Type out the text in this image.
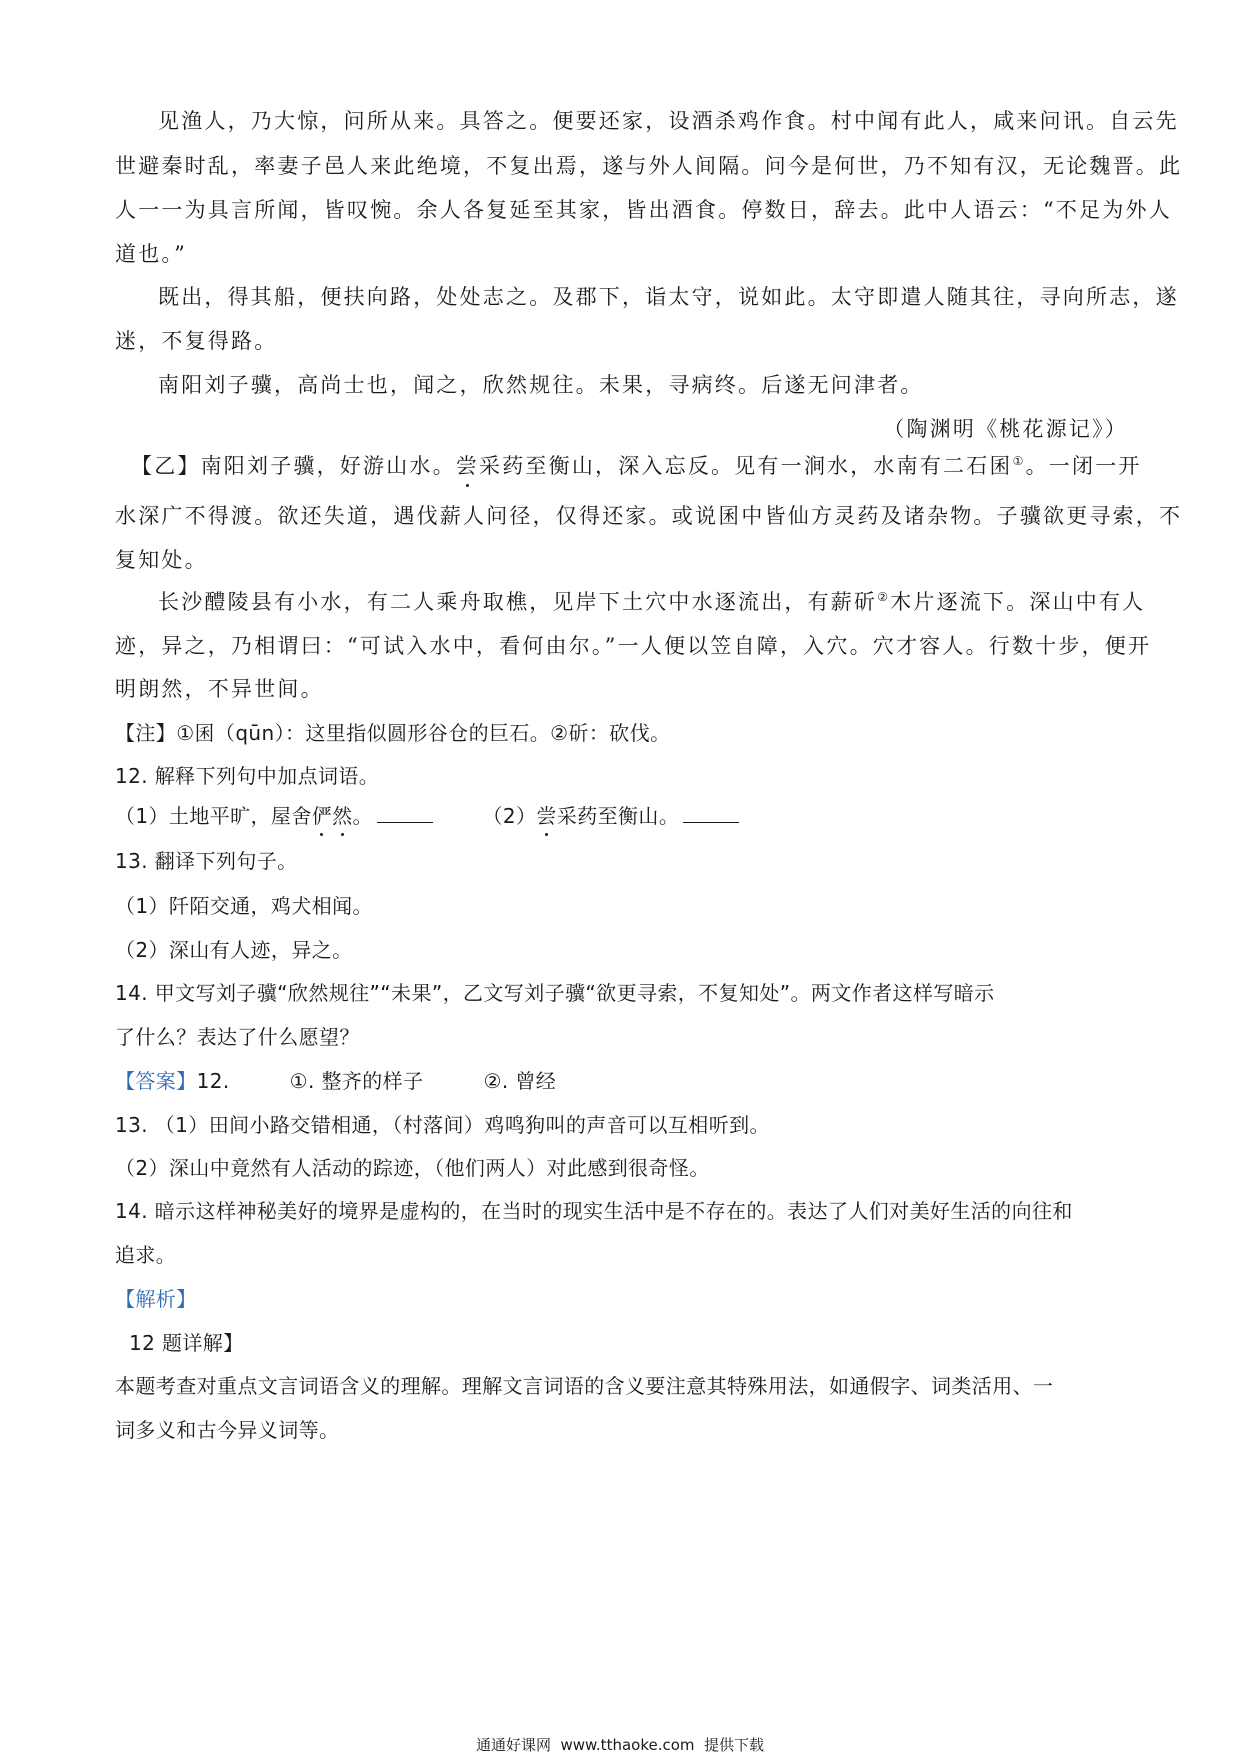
见渔人，乃大惊，问所从来。具答之。便要还家，设酒杀鸡作食。村中闻有此人，咸来问讯。自云先
世避秦时乱，率妻子邑人来此绝境，不复出焉，遂与外人间隔。问今是何世，乃不知有汉，无论魏晋。此
人一一为具言所闻，皆叹惋。余人各复延至其家，皆出酒食。停数日，辞去。此中人语云：“不足为外人
道也。”
既出，得其船，便扶向路，处处志之。及郡下，诣太守，说如此。太守即遣人随其往，寻向所志，遂
迷，不复得路。
南阳刘子骥，高尚士也，闻之，欣然规往。未果，寻病终。后遂无问津者。
（陶渊明《桃花源记》）
【乙】南阳刘子骥，好游山水。尝采药至衡山，深入忘反。见有一涧水，水南有二石囷①。一闭一开
水深广不得渡。欲还失道，遇伐薪人问径，仅得还家。或说囷中皆仙方灵药及诸杂物。子骥欲更寻索，不
复知处。
长沙醴陵县有小水，有二人乘舟取樵，见岸下土穴中水逐流出，有薪斫②木片逐流下。深山中有人
迹，异之，乃相谓曰：“可试入水中，看何由尔。”一人便以笠自障，入穴。穴才容人。行数十步，便开
明朗然，不异世间。
【注】①囷（qūn）：这里指似圆形谷仓的巨石。②斫：砍伐。
12. 解释下列句中加点词语。
（1）土地平旷，屋舍俨然。	（2）尝采药至衡山。
13. 翻译下列句子。
（1）阡陌交通，鸡犬相闻。
（2）深山有人迹，异之。
14. 甲文写刘子骥“欣然规往”“未果”，乙文写刘子骥“欲更寻索，不复知处”。两文作者这样写暗示
了什么？表达了什么愿望？
【答案】12.	①. 整齐的样子	②. 曾经
13. （1）田间小路交错相通，（村落间）鸡鸣狗叫的声音可以互相听到。
（2）深山中竟然有人活动的踪迹，（他们两人）对此感到很奇怪。
14. 暗示这样神秘美好的境界是虚构的，在当时的现实生活中是不存在的。表达了人们对美好生活的向往和
追求。
【解析】
12 题详解】
本题考查对重点文言词语含义的理解。理解文言词语的含义要注意其特殊用法，如通假字、词类活用、一
词多义和古今异义词等。
通通好课网  www.tthaoke.com  提供下载
